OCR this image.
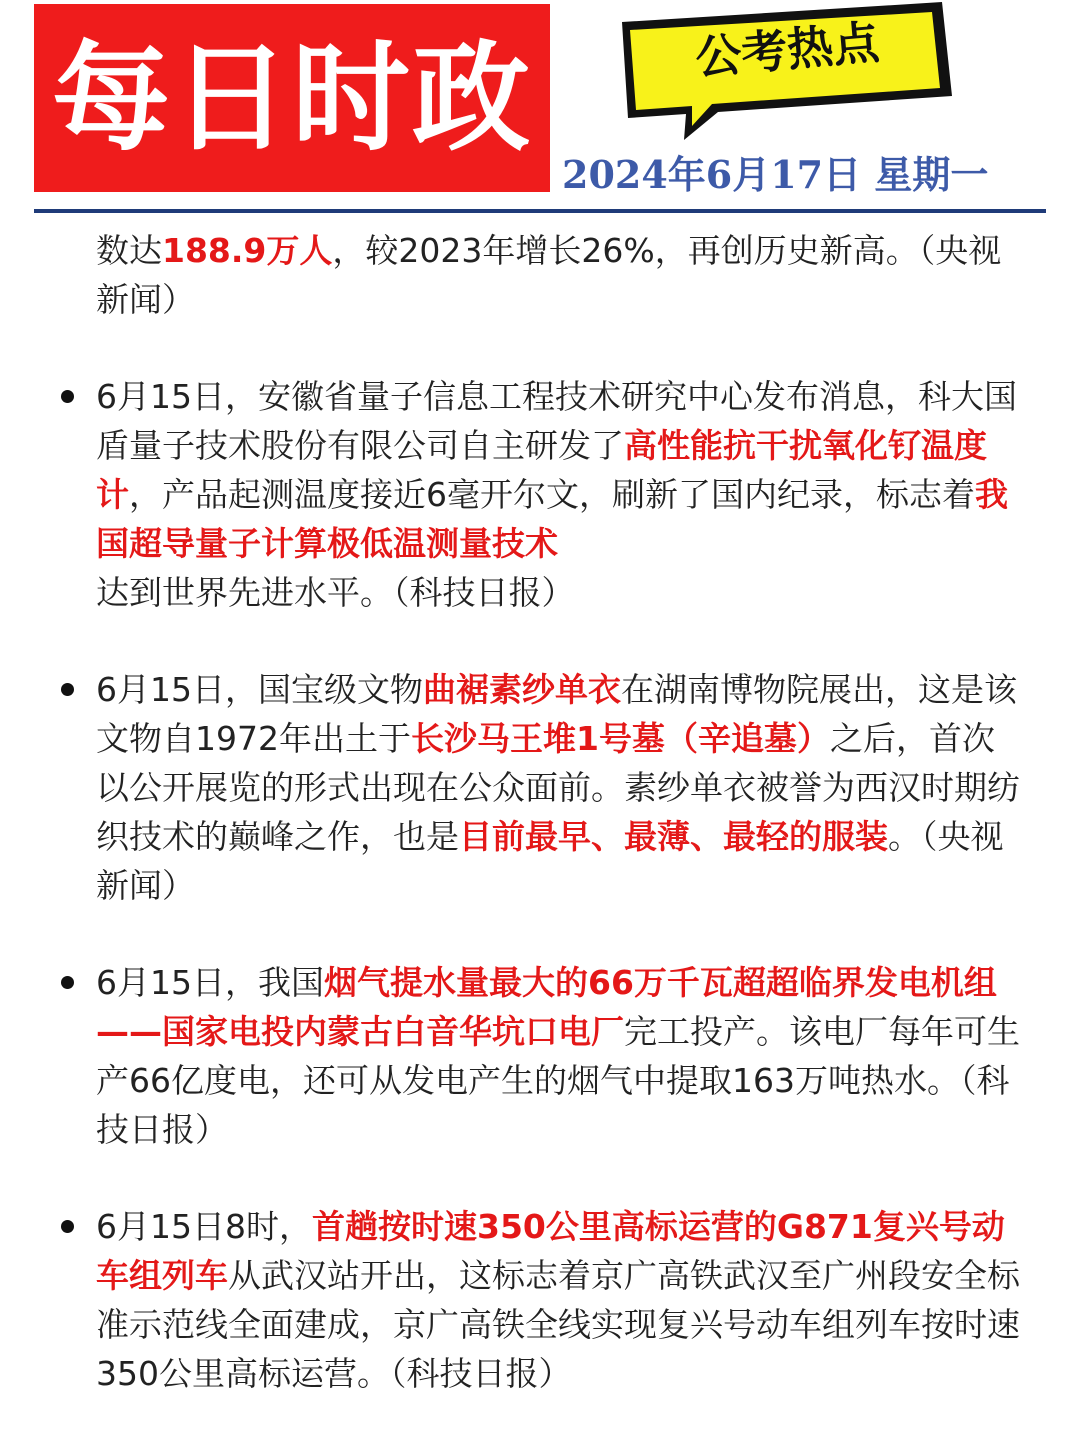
每日时政	公考热点
2024年6月17日 星期一

数达188.9万人，较2023年增长26%，再创历史新高。（央视新闻）

6月15日，安徽省量子信息工程技术研究中心发布消息，科大国盾量子技术股份有限公司自主研发了高性能抗干扰氧化钌温度计，产品起测温度接近6毫开尔文，刷新了国内纪录，标志着我国超导量子计算极低温测量技术达到世界先进水平。（科技日报）

6月15日，国宝级文物曲裾素纱单衣在湖南博物院展出，这是该文物自1972年出土于长沙马王堆1号墓（辛追墓）之后，首次以公开展览的形式出现在公众面前。素纱单衣被誉为西汉时期纺织技术的巅峰之作，也是目前最早、最薄、最轻的服装。（央视新闻）

6月15日，我国烟气提水量最大的66万千瓦超超临界发电机组——国家电投内蒙古白音华坑口电厂完工投产。该电厂每年可生产66亿度电，还可从发电产生的烟气中提取163万吨热水。（科技日报）

6月15日8时，首趟按时速350公里高标运营的G871复兴号动车组列车从武汉站开出，这标志着京广高铁武汉至广州段安全标准示范线全面建成，京广高铁全线实现复兴号动车组列车按时速350公里高标运营。（科技日报）
